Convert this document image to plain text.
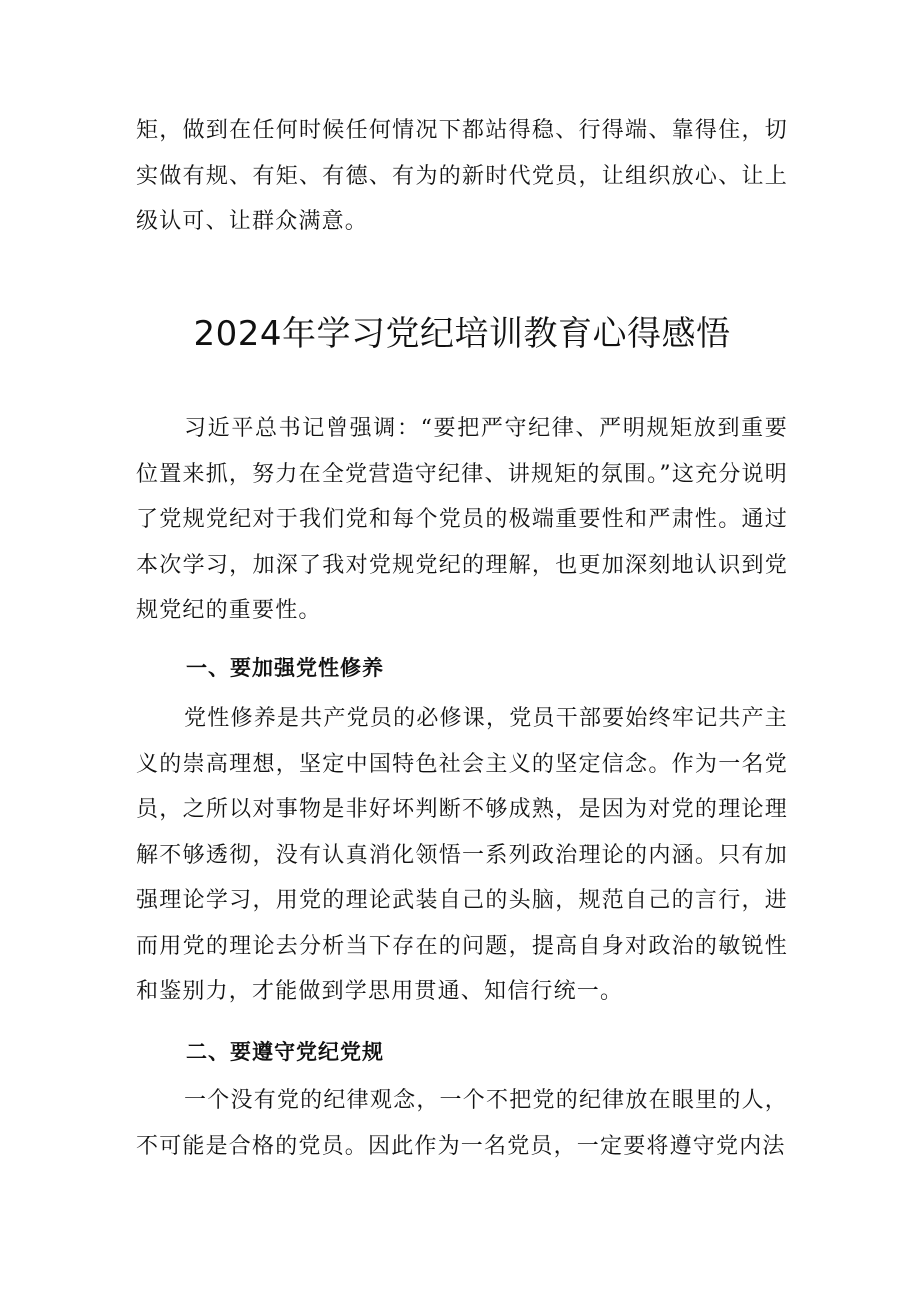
矩，做到在任何时候任何情况下都站得稳、行得端、靠得住，切实做有规、有矩、有德、有为的新时代党员，让组织放心、让上级认可、让群众满意。

2024年学习党纪培训教育心得感悟

习近平总书记曾强调：“要把严守纪律、严明规矩放到重要位置来抓，努力在全党营造守纪律、讲规矩的氛围。”这充分说明了党规党纪对于我们党和每个党员的极端重要性和严肃性。通过本次学习，加深了我对党规党纪的理解，也更加深刻地认识到党规党纪的重要性。

一、要加强党性修养

党性修养是共产党员的必修课，党员干部要始终牢记共产主义的崇高理想，坚定中国特色社会主义的坚定信念。作为一名党员，之所以对事物是非好坏判断不够成熟，是因为对党的理论理解不够透彻，没有认真消化领悟一系列政治理论的内涵。只有加强理论学习，用党的理论武装自己的头脑，规范自己的言行，进而用党的理论去分析当下存在的问题，提高自身对政治的敏锐性和鉴别力，才能做到学思用贯通、知信行统一。

二、要遵守党纪党规

一个没有党的纪律观念，一个不把党的纪律放在眼里的人，不可能是合格的党员。因此作为一名党员，一定要将遵守党内法
